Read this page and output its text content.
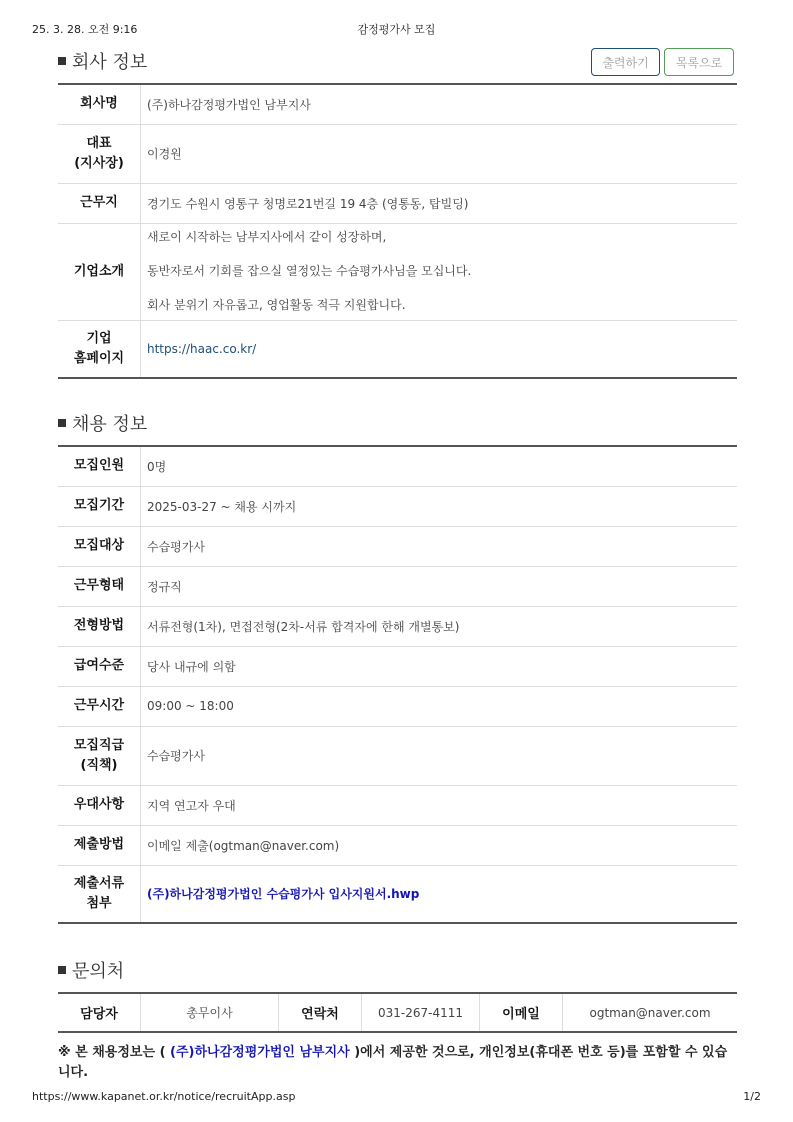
25. 3. 28. 오전 9:16	감정평가사 모집
회사 정보	출력하기	목록으로
회사명	(주)하나감정평가법인 남부지사
대표
(지사장)	이경원
근무지	경기도 수원시 영통구 청명로21번길 19 4층 (영통동, 탑빌딩)
기업소개	새로이 시작하는 남부지사에서 같이 성장하며,

동반자로서 기회를 잡으실 열정있는 수습평가사님을 모십니다.

회사 분위기 자유롭고, 영업활동 적극 지원합니다.

기업
홈페이지	https://haac.co.kr/
채용 정보
모집인원	0명
모집기간	2025-03-27 ~ 채용 시까지
모집대상	수습평가사
근무형태	정규직
전형방법	서류전형(1차), 면접전형(2차-서류 합격자에 한해 개별통보)
급여수준	당사 내규에 의함
근무시간	09:00 ~ 18:00
모집직급
(직책)	수습평가사
우대사항	지역 연고자 우대
제출방법	이메일 제출(ogtman@naver.com)
제출서류
첨부	(주)하나감정평가법인 수습평가사 입사지원서.hwp
문의처
담당자	총무이사	연락처	031-267-4111	이메일	ogtman@naver.com
※ 본 채용정보는 ( (주)하나감정평가법인 남부지사 )에서 제공한 것으로, 개인정보(휴대폰 번호 등)를 포함할 수 있습니다.
https://www.kapanet.or.kr/notice/recruitApp.asp	1/2
